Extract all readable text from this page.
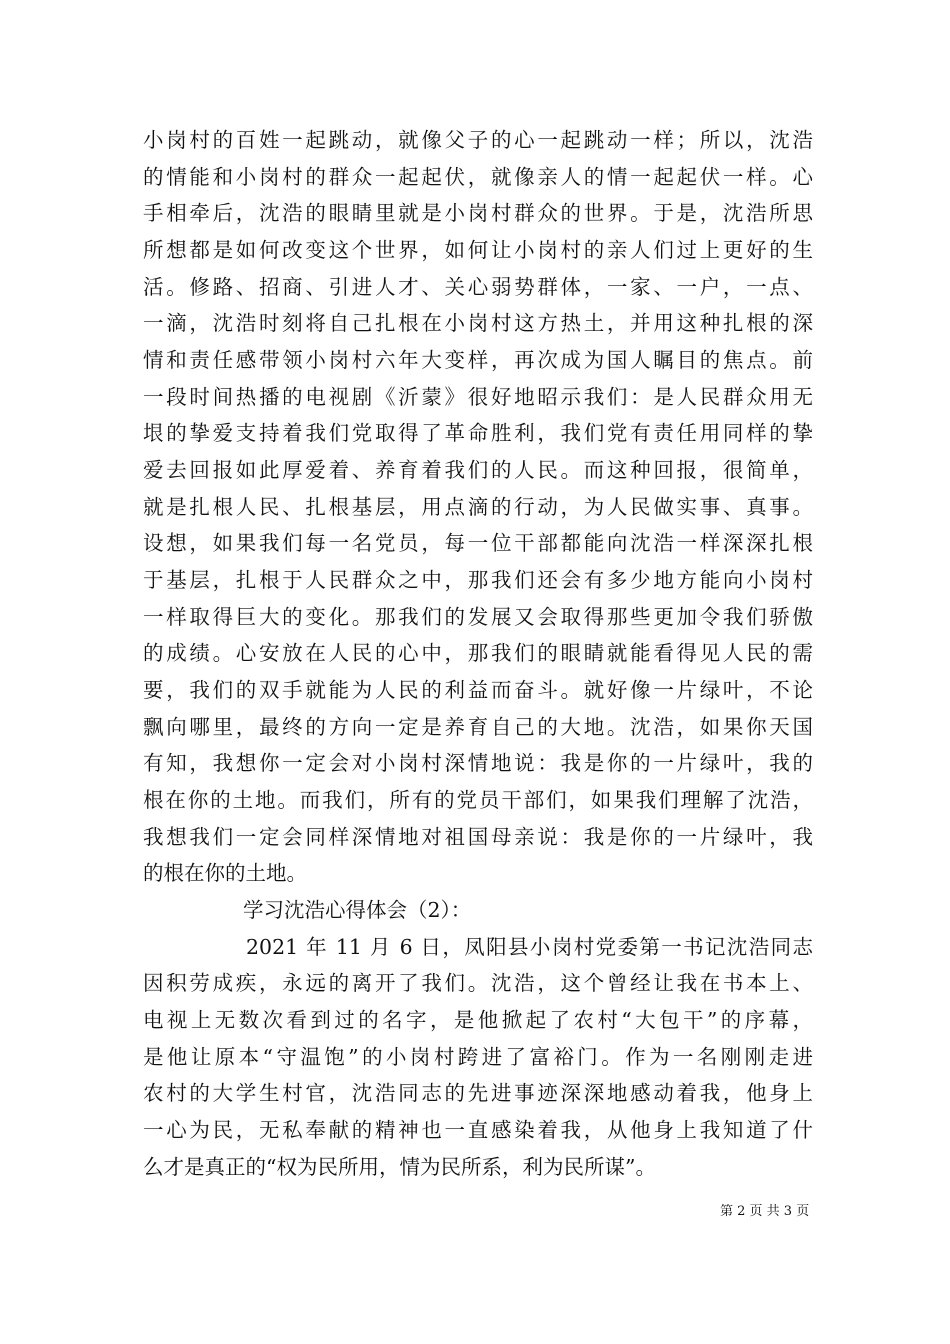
小岗村的百姓一起跳动，就像父子的心一起跳动一样；所以，沈浩
的情能和小岗村的群众一起起伏，就像亲人的情一起起伏一样。心
手相牵后，沈浩的眼睛里就是小岗村群众的世界。于是，沈浩所思
所想都是如何改变这个世界，如何让小岗村的亲人们过上更好的生
活。修路、招商、引进人才、关心弱势群体，一家、一户，一点、
一滴，沈浩时刻将自己扎根在小岗村这方热土，并用这种扎根的深
情和责任感带领小岗村六年大变样，再次成为国人瞩目的焦点。前
一段时间热播的电视剧《沂蒙》很好地昭示我们：是人民群众用无
垠的挚爱支持着我们党取得了革命胜利，我们党有责任用同样的挚
爱去回报如此厚爱着、养育着我们的人民。而这种回报，很简单，
就是扎根人民、扎根基层，用点滴的行动，为人民做实事、真事。
设想，如果我们每一名党员，每一位干部都能向沈浩一样深深扎根
于基层，扎根于人民群众之中，那我们还会有多少地方能向小岗村
一样取得巨大的变化。那我们的发展又会取得那些更加令我们骄傲
的成绩。心安放在人民的心中，那我们的眼睛就能看得见人民的需
要，我们的双手就能为人民的利益而奋斗。就好像一片绿叶，不论
飘向哪里，最终的方向一定是养育自己的大地。沈浩，如果你天国
有知，我想你一定会对小岗村深情地说：我是你的一片绿叶，我的
根在你的土地。而我们，所有的党员干部们，如果我们理解了沈浩，
我想我们一定会同样深情地对祖国母亲说：我是你的一片绿叶，我
的根在你的土地。
学习沈浩心得体会（2）：
2021 年 11 月 6 日，凤阳县小岗村党委第一书记沈浩同志
因积劳成疾，永远的离开了我们。沈浩，这个曾经让我在书本上、
电视上无数次看到过的名字，是他掀起了农村“大包干”的序幕，
是他让原本“守温饱”的小岗村跨进了富裕门。作为一名刚刚走进
农村的大学生村官，沈浩同志的先进事迹深深地感动着我，他身上
一心为民，无私奉献的精神也一直感染着我，从他身上我知道了什
么才是真正的“权为民所用，情为民所系，利为民所谋”。
第 2 页 共 3 页
